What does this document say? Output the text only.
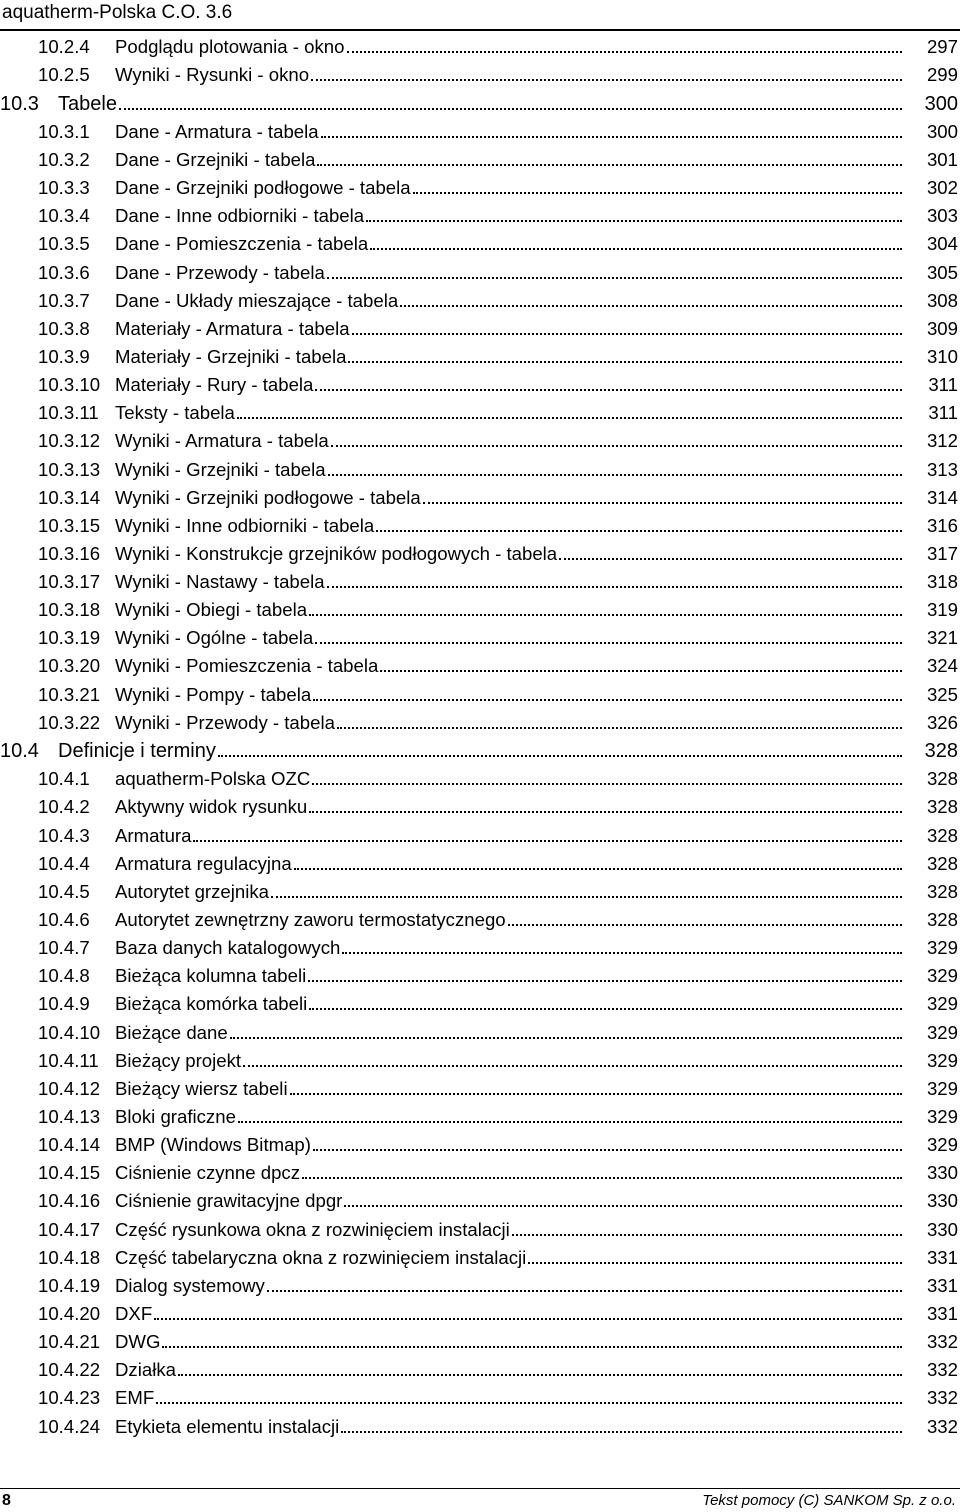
aquatherm-Polska C.O. 3.6
10.2.4 Podglądu plotowania - okno	297
10.2.5 Wyniki - Rysunki - okno	299
10.3 Tabele	300
10.3.1 Dane - Armatura - tabela	300
10.3.2 Dane - Grzejniki - tabela	301
10.3.3 Dane - Grzejniki podłogowe - tabela	302
10.3.4 Dane - Inne odbiorniki - tabela	303
10.3.5 Dane - Pomieszczenia - tabela	304
10.3.6 Dane - Przewody - tabela	305
10.3.7 Dane - Układy mieszające - tabela	308
10.3.8 Materiały - Armatura - tabela	309
10.3.9 Materiały - Grzejniki - tabela	310
10.3.10 Materiały - Rury - tabela	311
10.3.11 Teksty - tabela	311
10.3.12 Wyniki - Armatura - tabela	312
10.3.13 Wyniki - Grzejniki - tabela	313
10.3.14 Wyniki - Grzejniki podłogowe - tabela	314
10.3.15 Wyniki - Inne odbiorniki - tabela	316
10.3.16 Wyniki - Konstrukcje grzejników podłogowych - tabela	317
10.3.17 Wyniki - Nastawy - tabela	318
10.3.18 Wyniki - Obiegi - tabela	319
10.3.19 Wyniki - Ogólne - tabela	321
10.3.20 Wyniki - Pomieszczenia - tabela	324
10.3.21 Wyniki - Pompy - tabela	325
10.3.22 Wyniki - Przewody - tabela	326
10.4 Definicje i terminy	328
10.4.1 aquatherm-Polska OZC	328
10.4.2 Aktywny widok rysunku	328
10.4.3 Armatura	328
10.4.4 Armatura regulacyjna	328
10.4.5 Autorytet grzejnika	328
10.4.6 Autorytet zewnętrzny zaworu termostatycznego	328
10.4.7 Baza danych katalogowych	329
10.4.8 Bieżąca kolumna tabeli	329
10.4.9 Bieżąca komórka tabeli	329
10.4.10 Bieżące dane	329
10.4.11 Bieżący projekt	329
10.4.12 Bieżący wiersz tabeli	329
10.4.13 Bloki graficzne	329
10.4.14 BMP (Windows Bitmap)	329
10.4.15 Ciśnienie czynne dpcz	330
10.4.16 Ciśnienie grawitacyjne dpgr	330
10.4.17 Część rysunkowa okna z rozwinięciem instalacji	330
10.4.18 Część tabelaryczna okna z rozwinięciem instalacji	331
10.4.19 Dialog systemowy	331
10.4.20 DXF	331
10.4.21 DWG	332
10.4.22 Działka	332
10.4.23 EMF	332
10.4.24 Etykieta elementu instalacji	332
8	Tekst pomocy (C) SANKOM Sp. z o.o.
